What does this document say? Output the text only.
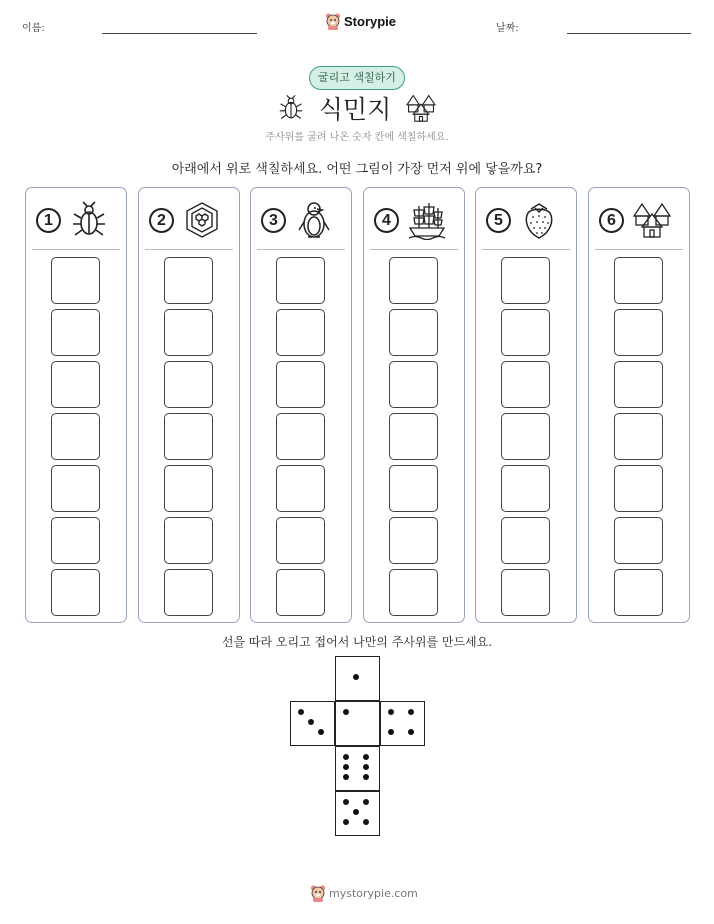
이름:	Storypie	날짜:
굴리고 색칠하기
식민지
주사위를 굴려 나온 숫자 칸에 색칠하세요.
아래에서 위로 색칠하세요. 어떤 그림이 가장 먼저 위에 닿을까요?
1	2	3	4	5	6
선을 따라 오리고 접어서 나만의 주사위를 만드세요.
mystorypie.com
